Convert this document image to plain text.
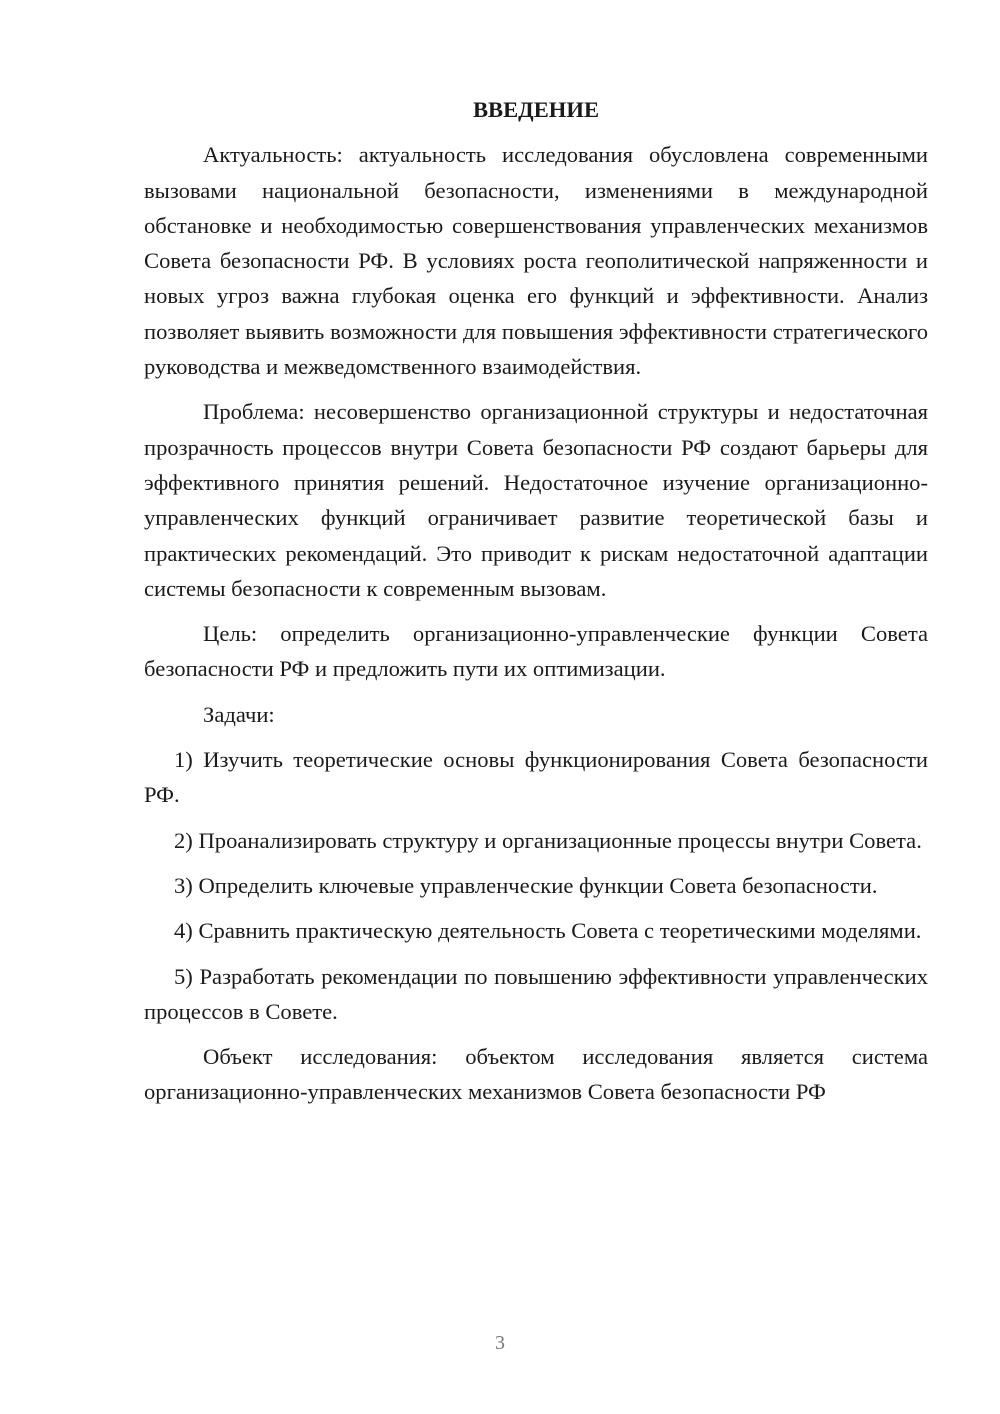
ВВЕДЕНИЕ

Актуальность: актуальность исследования обусловлена современными вызовами национальной безопасности, изменениями в международной обстановке и необходимостью совершенствования управленческих механизмов Совета безопасности РФ. В условиях роста геополитической напряженности и новых угроз важна глубокая оценка его функций и эффективности. Анализ позволяет выявить возможности для повышения эффективности стратегического руководства и межведомственного взаимодействия.

Проблема: несовершенство организационной структуры и недостаточная прозрачность процессов внутри Совета безопасности РФ создают барьеры для эффективного принятия решений. Недостаточное изучение организационно-управленческих функций ограничивает развитие теоретической базы и практических рекомендаций. Это приводит к рискам недостаточной адаптации системы безопасности к современным вызовам.

Цель: определить организационно-управленческие функции Совета безопасности РФ и предложить пути их оптимизации.

Задачи:

1) Изучить теоретические основы функционирования Совета безопасности РФ.

2) Проанализировать структуру и организационные процессы внутри Совета.

3) Определить ключевые управленческие функции Совета безопасности.

4) Сравнить практическую деятельность Совета с теоретическими моделями.

5) Разработать рекомендации по повышению эффективности управленческих процессов в Совете.

Объект исследования: объектом исследования является система организационно-управленческих механизмов Совета безопасности РФ

3
